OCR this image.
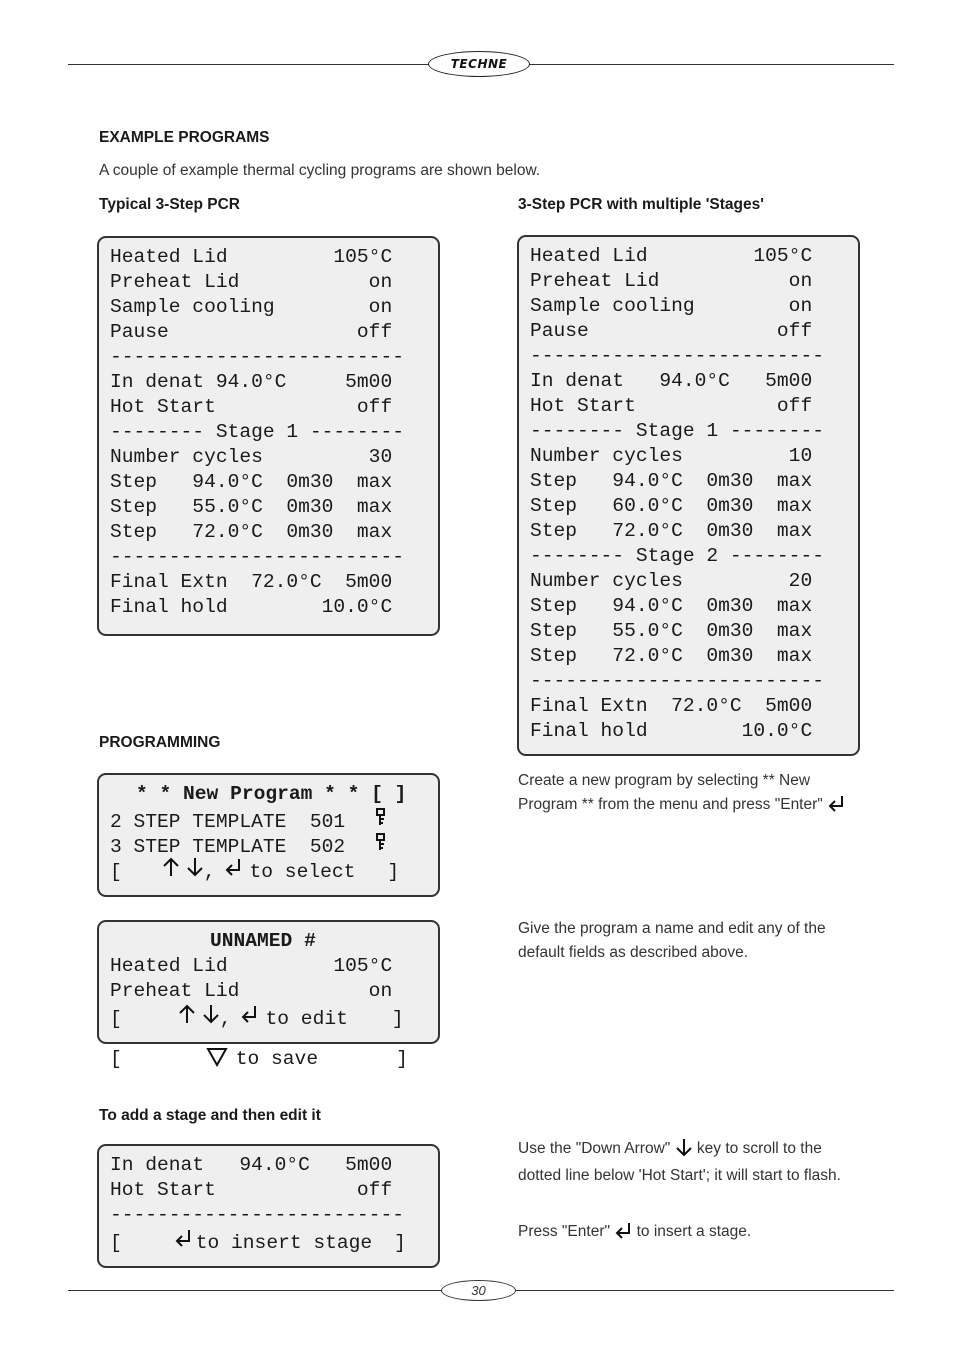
TECHNE
EXAMPLE PROGRAMS
A couple of example thermal cycling programs are shown below.
Typical 3-Step PCR	3-Step PCR with multiple 'Stages'
Heated Lid         105°C
Preheat Lid           on
Sample cooling        on
Pause                off
-------------------------
In denat 94.0°C     5m00
Hot Start            off
-------- Stage 1 --------
Number cycles         30
Step   94.0°C  0m30  max
Step   55.0°C  0m30  max
Step   72.0°C  0m30  max
-------------------------
Final Extn  72.0°C  5m00
Final hold        10.0°C
Heated Lid         105°C
Preheat Lid           on
Sample cooling        on
Pause                off
-------------------------
In denat   94.0°C   5m00
Hot Start            off
-------- Stage 1 --------
Number cycles         10
Step   94.0°C  0m30  max
Step   60.0°C  0m30  max
Step   72.0°C  0m30  max
-------- Stage 2 --------
Number cycles         20
Step   94.0°C  0m30  max
Step   55.0°C  0m30  max
Step   72.0°C  0m30  max
-------------------------
Final Extn  72.0°C  5m00
Final hold        10.0°C
PROGRAMMING
* * New Program * * [ ]
2 STEP TEMPLATE  501
3 STEP TEMPLATE  502
[	, to select ]
Create a new program by selecting ** New Program ** from the menu and press "Enter"
UNNAMED #
Heated Lid         105°C
Preheat Lid           on
[	, to edit ]
[	to save	]
Give the program a name and edit any of the default fields as described above.
To add a stage and then edit it
In denat   94.0°C   5m00
Hot Start            off
-------------------------
[	to insert stage ]
Use the "Down Arrow" key to scroll to the dotted line below 'Hot Start'; it will start to flash.
Press "Enter" to insert a stage.
30
